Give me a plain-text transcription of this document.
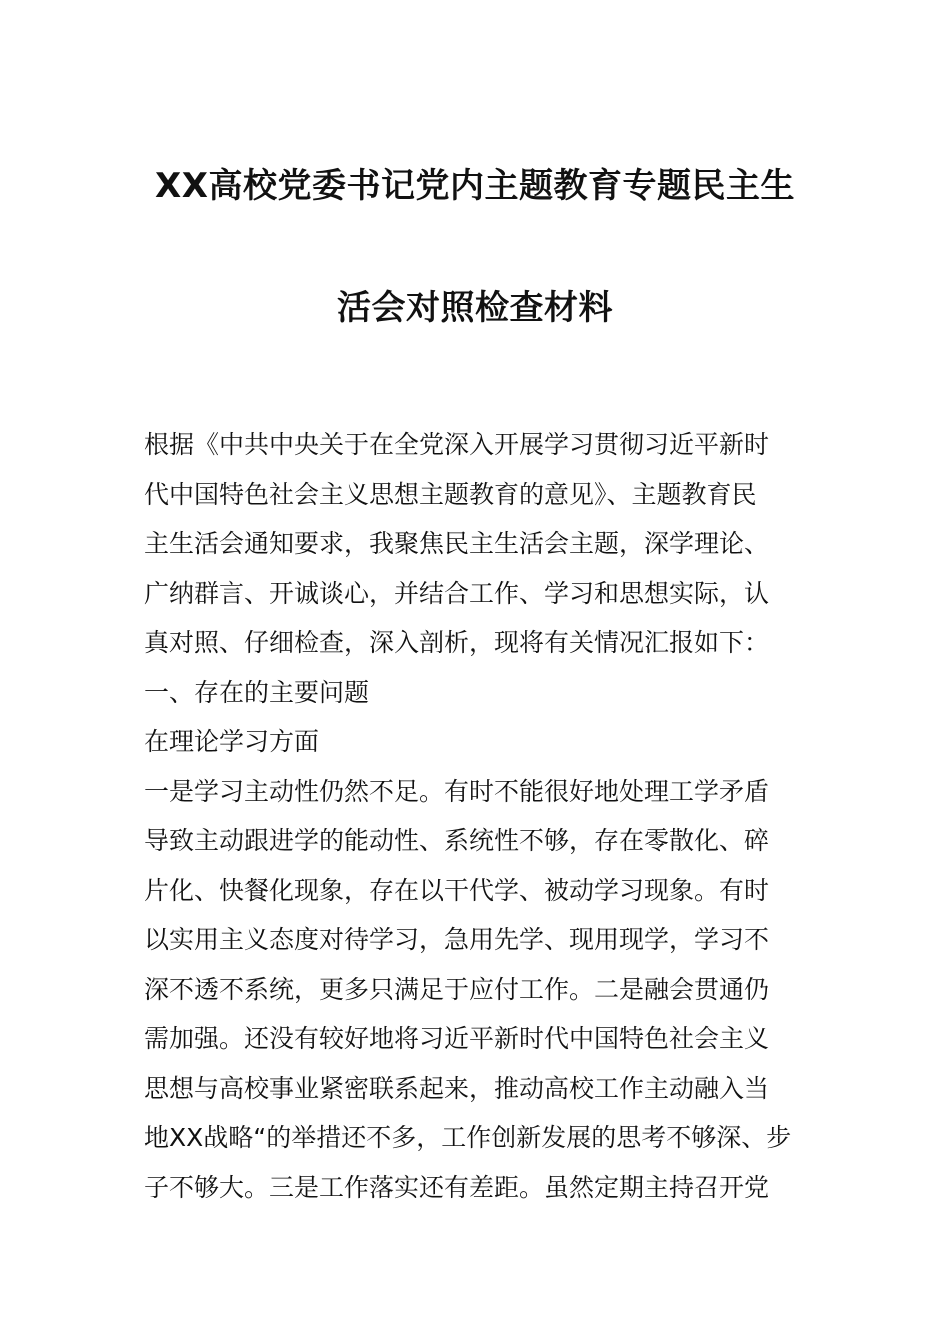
XX高校党委书记党内主题教育专题民主生
活会对照检查材料
根据《中共中央关于在全党深入开展学习贯彻习近平新时
代中国特色社会主义思想主题教育的意见》、主题教育民
主生活会通知要求，我聚焦民主生活会主题，深学理论、
广纳群言、开诚谈心，并结合工作、学习和思想实际，认
真对照、仔细检查，深入剖析，现将有关情况汇报如下：
一、存在的主要问题
在理论学习方面
一是学习主动性仍然不足。有时不能很好地处理工学矛盾
导致主动跟进学的能动性、系统性不够，存在零散化、碎
片化、快餐化现象，存在以干代学、被动学习现象。有时
以实用主义态度对待学习，急用先学、现用现学，学习不
深不透不系统，更多只满足于应付工作。二是融会贯通仍
需加强。还没有较好地将习近平新时代中国特色社会主义
思想与高校事业紧密联系起来，推动高校工作主动融入当
地XX战略“的举措还不多，工作创新发展的思考不够深、步
子不够大。三是工作落实还有差距。虽然定期主持召开党
